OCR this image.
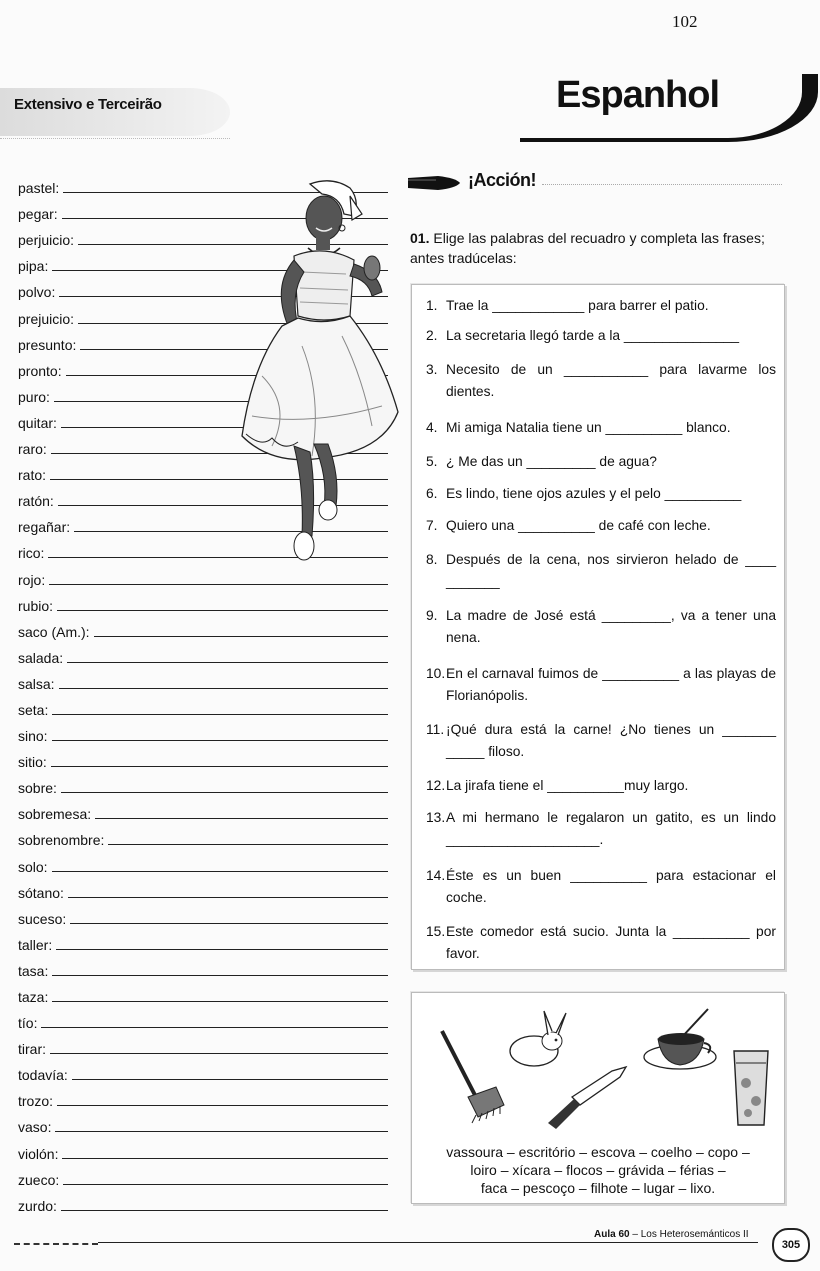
102
Extensivo e Terceirão	Espanhol
pastel:
pegar:
perjuicio:
pipa:
polvo:
prejuicio:
presunto:
pronto:
puro:
quitar:
raro:
rato:
ratón:
regañar:
rico:
rojo:
rubio:
saco (Am.):
salada:
salsa:
seta:
sino:
sitio:
sobre:
sobremesa:
sobrenombre:
solo:
sótano:
suceso:
taller:
tasa:
taza:
tío:
tirar:
todavía:
trozo:
vaso:
violón:
zueco:
zurdo:
¡Acción!
01. Elige las palabras del recuadro y completa las frases; antes tradúcelas:
1. Trae la ____________ para barrer el patio.
2. La secretaria llegó tarde a la _______________
3. Necesito de un ___________ para lavarme los dientes.
4. Mi amiga Natalia tiene un __________ blanco.
5. ¿ Me das un _________ de agua?
6. Es lindo, tiene ojos azules y el pelo __________
7. Quiero una __________ de café con leche.
8. Después de la cena, nos sirvieron helado de ____ _______
9. La madre de José está _________, va a tener una nena.
10. En el carnaval fuimos de __________ a las playas de Florianópolis.
11. ¡Qué dura está la carne! ¿No tienes un _______ _____ filoso.
12. La jirafa tiene el __________muy largo.
13. A mi hermano le regalaron un gatito, es un lindo ____________________.
14. Éste es un buen __________ para estacionar el coche.
15. Este comedor está sucio. Junta la __________ por favor.
vassoura – escritório – escova – coelho – copo –
loiro – xícara – flocos – grávida – férias –
faca – pescoço – filhote – lugar – lixo.
Aula 60 – Los Heterosemánticos II
305
